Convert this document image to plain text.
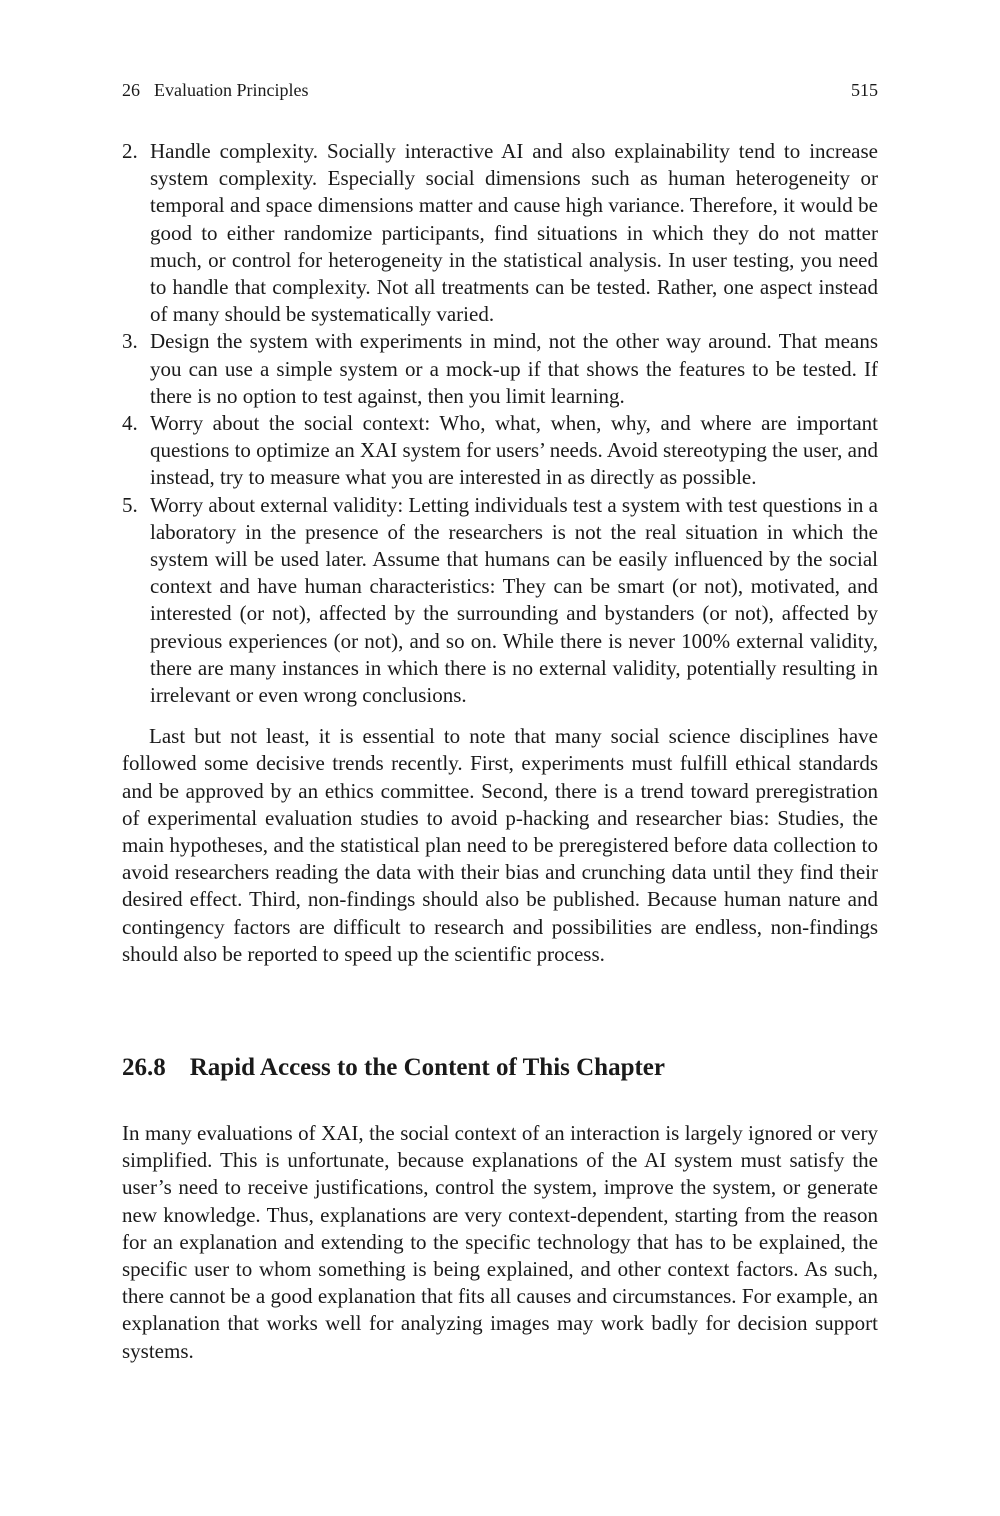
26 Evaluation Principles	515
2. Handle complexity. Socially interactive AI and also explainability tend to increase system complexity. Especially social dimensions such as human heterogeneity or temporal and space dimensions matter and cause high variance. Therefore, it would be good to either randomize participants, find situations in which they do not matter much, or control for heterogeneity in the statistical analysis. In user testing, you need to handle that complexity. Not all treatments can be tested. Rather, one aspect instead of many should be systematically varied.
3. Design the system with experiments in mind, not the other way around. That means you can use a simple system or a mock-up if that shows the features to be tested. If there is no option to test against, then you limit learning.
4. Worry about the social context: Who, what, when, why, and where are important questions to optimize an XAI system for users’ needs. Avoid stereotyping the user, and instead, try to measure what you are interested in as directly as possible.
5. Worry about external validity: Letting individuals test a system with test questions in a laboratory in the presence of the researchers is not the real situation in which the system will be used later. Assume that humans can be easily influenced by the social context and have human characteristics: They can be smart (or not), motivated, and interested (or not), affected by the surrounding and bystanders (or not), affected by previous experiences (or not), and so on. While there is never 100% external validity, there are many instances in which there is no external validity, potentially resulting in irrelevant or even wrong conclusions.

Last but not least, it is essential to note that many social science disciplines have followed some decisive trends recently. First, experiments must fulfill ethical standards and be approved by an ethics committee. Second, there is a trend toward preregistration of experimental evaluation studies to avoid p-hacking and researcher bias: Studies, the main hypotheses, and the statistical plan need to be preregistered before data collection to avoid researchers reading the data with their bias and crunching data until they find their desired effect. Third, non-findings should also be published. Because human nature and contingency factors are difficult to research and possibilities are endless, non-findings should also be reported to speed up the scientific process.

26.8 Rapid Access to the Content of This Chapter

In many evaluations of XAI, the social context of an interaction is largely ignored or very simplified. This is unfortunate, because explanations of the AI system must satisfy the user’s need to receive justifications, control the system, improve the system, or generate new knowledge. Thus, explanations are very context-dependent, starting from the reason for an explanation and extending to the specific technology that has to be explained, the specific user to whom something is being explained, and other context factors. As such, there cannot be a good explanation that fits all causes and circumstances. For example, an explanation that works well for analyzing images may work badly for decision support systems.
